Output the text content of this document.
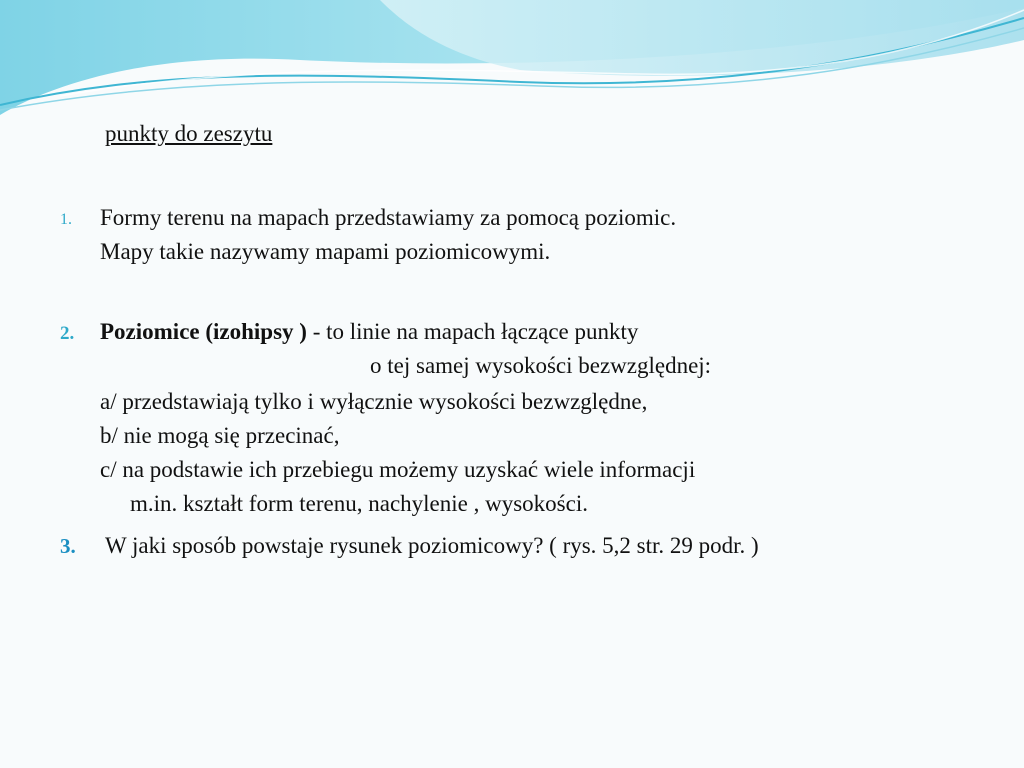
punkty do zeszytu
1. Formy terenu na mapach przedstawiamy za pomocą poziomic.
Mapy takie nazywamy mapami poziomicowymi.
2. Poziomice (izohipsy ) - to linie na mapach łączące punkty
o tej samej wysokości bezwzględnej:
a/ przedstawiają tylko i wyłącznie wysokości bezwzględne,
b/ nie mogą się przecinać,
c/ na podstawie ich przebiegu możemy uzyskać wiele informacji
m.in. kształt form terenu, nachylenie , wysokości.
3. W jaki sposób powstaje rysunek poziomicowy? ( rys. 5,2 str. 29 podr. )
